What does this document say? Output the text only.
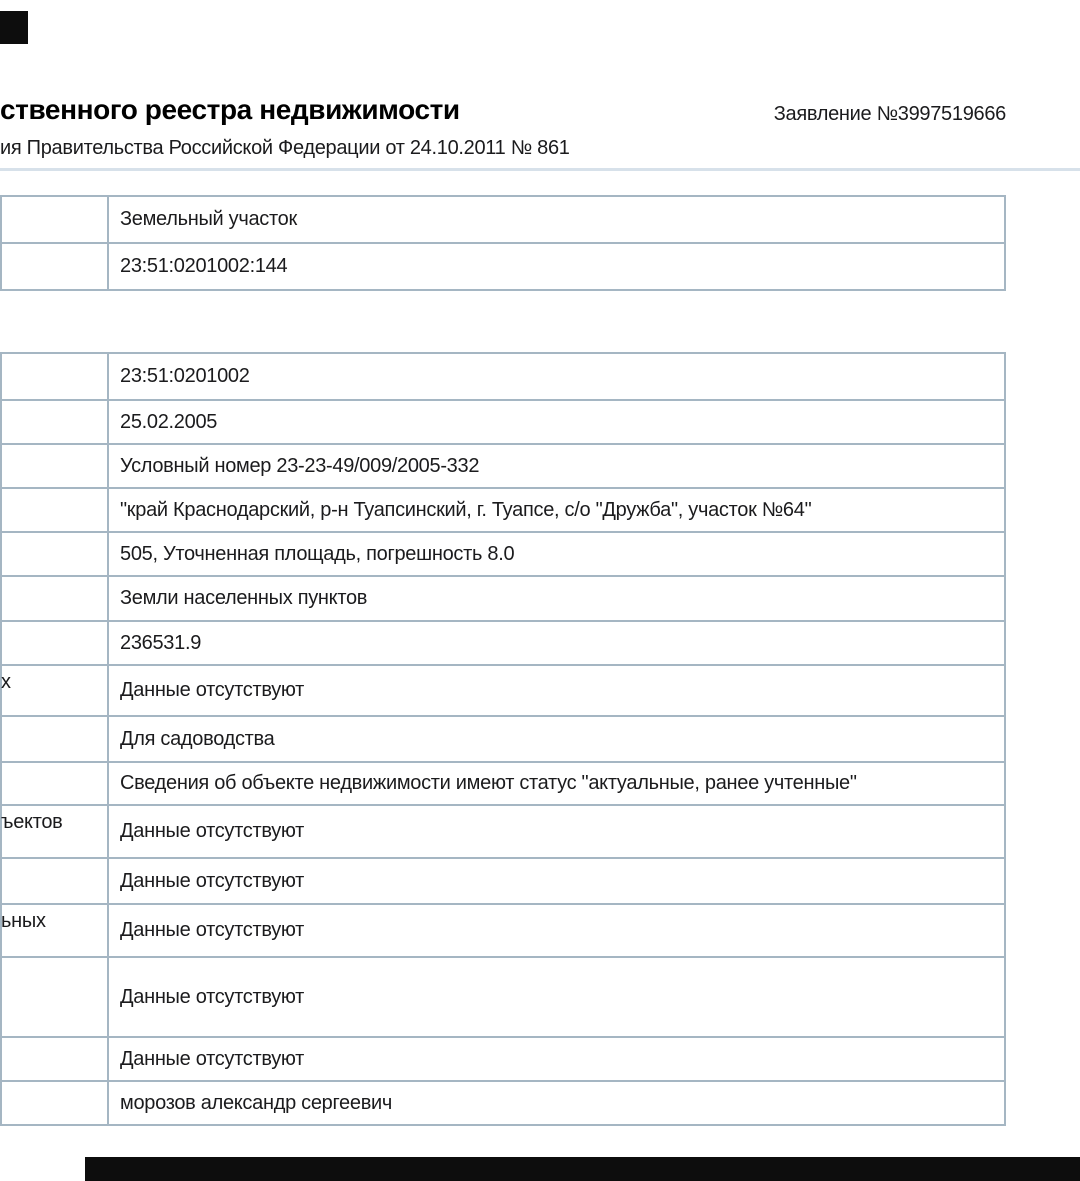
ственного реестра недвижимости	Заявление №3997519666
ия Правительства Российской Федерации от 24.10.2011 № 861
Земельный участок
23:51:0201002:144
23:51:0201002
25.02.2005
Условный номер 23-23-49/009/2005-332
"край Краснодарский, р-н Туапсинский, г. Туапсе, с/о "Дружба", участок №64"
505, Уточненная площадь, погрешность 8.0
Земли населенных пунктов
236531.9
х	Данные отсутствуют
Для садоводства
Сведения об объекте недвижимости имеют статус "актуальные, ранее учтенные"
ъектов	Данные отсутствуют
Данные отсутствуют
ьных	Данные отсутствуют
Данные отсутствуют
Данные отсутствуют
морозов александр сергеевич
